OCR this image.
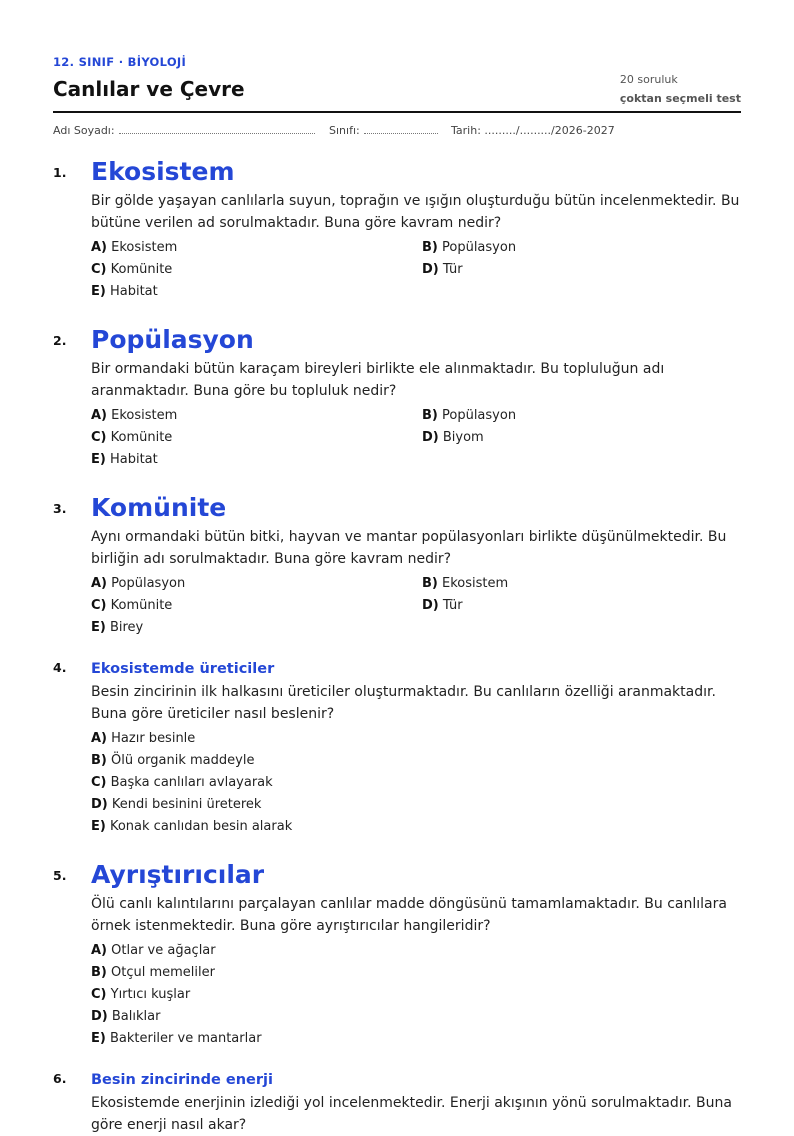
12. SINIF · BİYOLOJİ
Canlılar ve Çevre	20 soruluk
çoktan seçmeli test
Adı Soyadı:	Sınıfı:	Tarih: ........./........./2026-2027
1. Ekosistem
Bir gölde yaşayan canlılarla suyun, toprağın ve ışığın oluşturduğu bütün incelenmektedir. Bu bütüne verilen ad sorulmaktadır. Buna göre kavram nedir?
A) Ekosistem	B) Popülasyon
C) Komünite	D) Tür
E) Habitat
2. Popülasyon
Bir ormandaki bütün karaçam bireyleri birlikte ele alınmaktadır. Bu topluluğun adı aranmaktadır. Buna göre bu topluluk nedir?
A) Ekosistem	B) Popülasyon
C) Komünite	D) Biyom
E) Habitat
3. Komünite
Aynı ormandaki bütün bitki, hayvan ve mantar popülasyonları birlikte düşünülmektedir. Bu birliğin adı sorulmaktadır. Buna göre kavram nedir?
A) Popülasyon	B) Ekosistem
C) Komünite	D) Tür
E) Birey
4. Ekosistemde üreticiler
Besin zincirinin ilk halkasını üreticiler oluşturmaktadır. Bu canlıların özelliği aranmaktadır. Buna göre üreticiler nasıl beslenir?
A) Hazır besinle
B) Ölü organik maddeyle
C) Başka canlıları avlayarak
D) Kendi besinini üreterek
E) Konak canlıdan besin alarak
5. Ayrıştırıcılar
Ölü canlı kalıntılarını parçalayan canlılar madde döngüsünü tamamlamaktadır. Bu canlılara örnek istenmektedir. Buna göre ayrıştırıcılar hangileridir?
A) Otlar ve ağaçlar
B) Otçul memeliler
C) Yırtıcı kuşlar
D) Balıklar
E) Bakteriler ve mantarlar
6. Besin zincirinde enerji
Ekosistemde enerjinin izlediği yol incelenmektedir. Enerji akışının yönü sorulmaktadır. Buna göre enerji nasıl akar?
